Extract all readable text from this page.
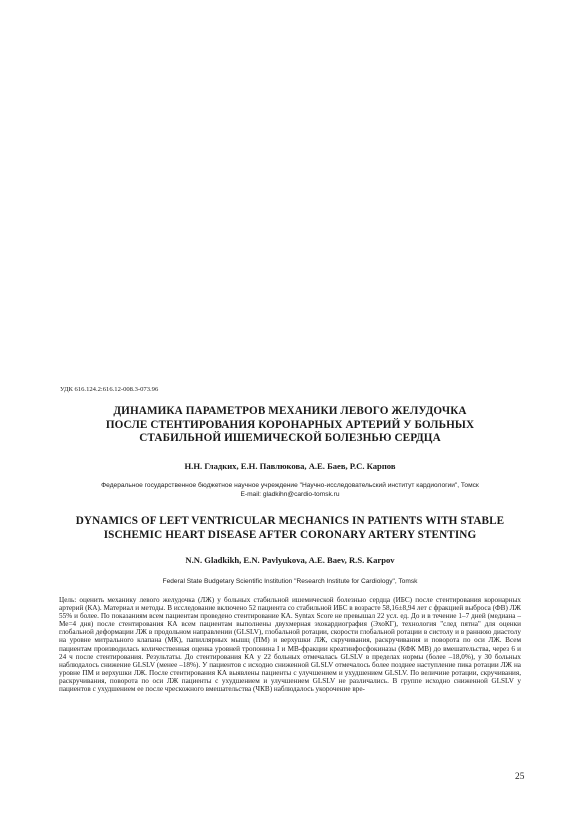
УДК 616.124.2:616.12-008.3-073.96
ДИНАМИКА ПАРАМЕТРОВ МЕХАНИКИ ЛЕВОГО ЖЕЛУДОЧКА
ПОСЛЕ СТЕНТИРОВАНИЯ КОРОНАРНЫХ АРТЕРИЙ У БОЛЬНЫХ
СТАБИЛЬНОЙ ИШЕМИЧЕСКОЙ БОЛЕЗНЬЮ СЕРДЦА
Н.Н. Гладких, Е.Н. Павлюкова, А.Е. Баев, Р.С. Карпов
Федеральное государственное бюджетное научное учреждение "Научно-исследовательский институт кардиологии", Томск
E-mail: gladkihn@cardio-tomsk.ru
DYNAMICS OF LEFT VENTRICULAR MECHANICS IN PATIENTS WITH STABLE
ISCHEMIC HEART DISEASE AFTER CORONARY ARTERY STENTING
N.N. Gladkikh, E.N. Pavlyukova, A.E. Baev, R.S. Karpov
Federal State Budgetary Scientific Institution "Research Institute for Cardiology", Tomsk
Цель: оценить механику левого желудочка (ЛЖ) у больных стабильной ишемической болезнью сердца (ИБС) после стентирования коронарных артерий (КА). Материал и методы. В исследование включено 52 пациента со стабильной ИБС в возрасте 58,16±8,94 лет с фракцией выброса (ФВ) ЛЖ 55% и более. По показаниям всем пациентам проведено стентирование КА. Syntax Score не превышал 22 усл. ед. До и в течение 1–7 дней (медиана – Ме=4 дня) после стентирования КА всем пациентам выполнены двухмерная эхокардиография (ЭхоКГ), технология "след пятна" для оценки глобальной деформации ЛЖ в продольном направлении (GLSLV), глобальной ротации, скорости глобальной ротации в систолу и в раннюю диастолу на уровне митрального клапана (МК), папиллярных мышц (ПМ) и верхушки ЛЖ, скручивания, раскручивания и поворота по оси ЛЖ. Всем пациентам производилась количественная оценка уровней тропонина I и МВ-фракции креатинфосфокиназы (КФК МВ) до вмешательства, через 6 и 24 ч после стентирования. Результаты. До стентирования КА у 22 больных отмечалась GLSLV в пределах нормы (более –18,0%), у 30 больных наблюдалось снижение GLSLV (менее –18%). У пациентов с исходно сниженной GLSLV отмечалось более позднее наступление пика ротации ЛЖ на уровне ПМ и верхушки ЛЖ. После стентирования КА выявлены пациенты с улучшением и ухудшением GLSLV. По величине ротации, скручивания, раскручивания, поворота по оси ЛЖ пациенты с ухудшением и улучшением GLSLV не различались. В группе исходно сниженной GLSLV у пациентов с ухудшением ее после чрескожного вмешательства (ЧКВ) наблюдалось укорочение вре-
25
